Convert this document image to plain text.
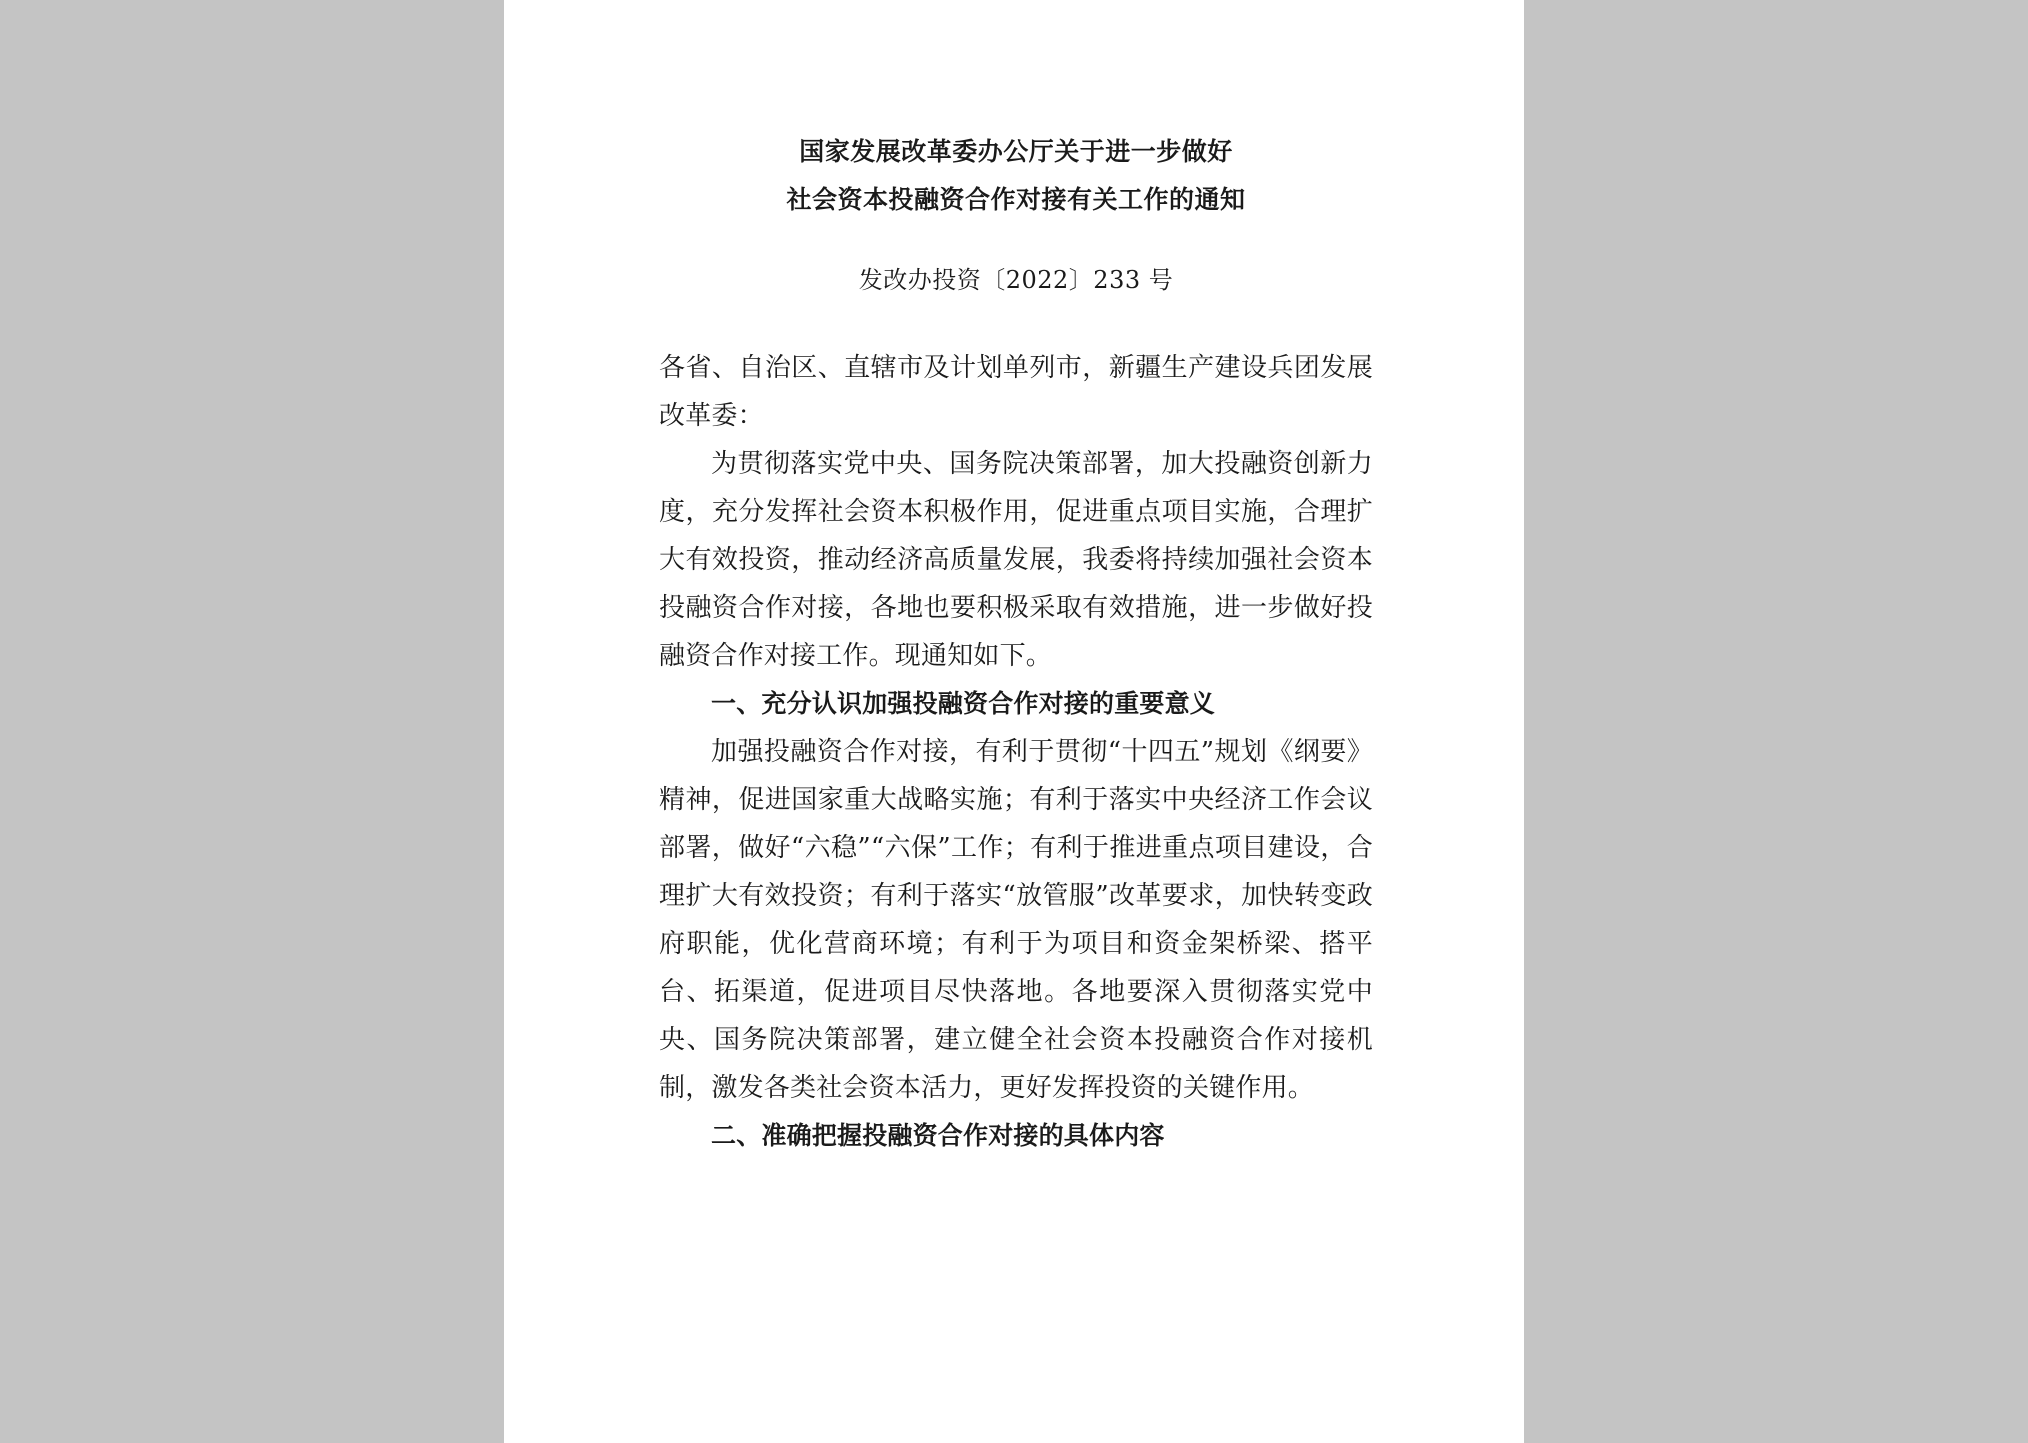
国家发展改革委办公厅关于进一步做好
社会资本投融资合作对接有关工作的通知
发改办投资〔2022〕233 号

各省、自治区、直辖市及计划单列市，新疆生产建设兵团发展改革委：

为贯彻落实党中央、国务院决策部署，加大投融资创新力度，充分发挥社会资本积极作用，促进重点项目实施，合理扩大有效投资，推动经济高质量发展，我委将持续加强社会资本投融资合作对接，各地也要积极采取有效措施，进一步做好投融资合作对接工作。现通知如下。

一、充分认识加强投融资合作对接的重要意义

加强投融资合作对接，有利于贯彻“十四五”规划《纲要》精神，促进国家重大战略实施；有利于落实中央经济工作会议部署，做好“六稳”“六保”工作；有利于推进重点项目建设，合理扩大有效投资；有利于落实“放管服”改革要求，加快转变政府职能，优化营商环境；有利于为项目和资金架桥梁、搭平台、拓渠道，促进项目尽快落地。各地要深入贯彻落实党中央、国务院决策部署，建立健全社会资本投融资合作对接机制，激发各类社会资本活力，更好发挥投资的关键作用。

二、准确把握投融资合作对接的具体内容
